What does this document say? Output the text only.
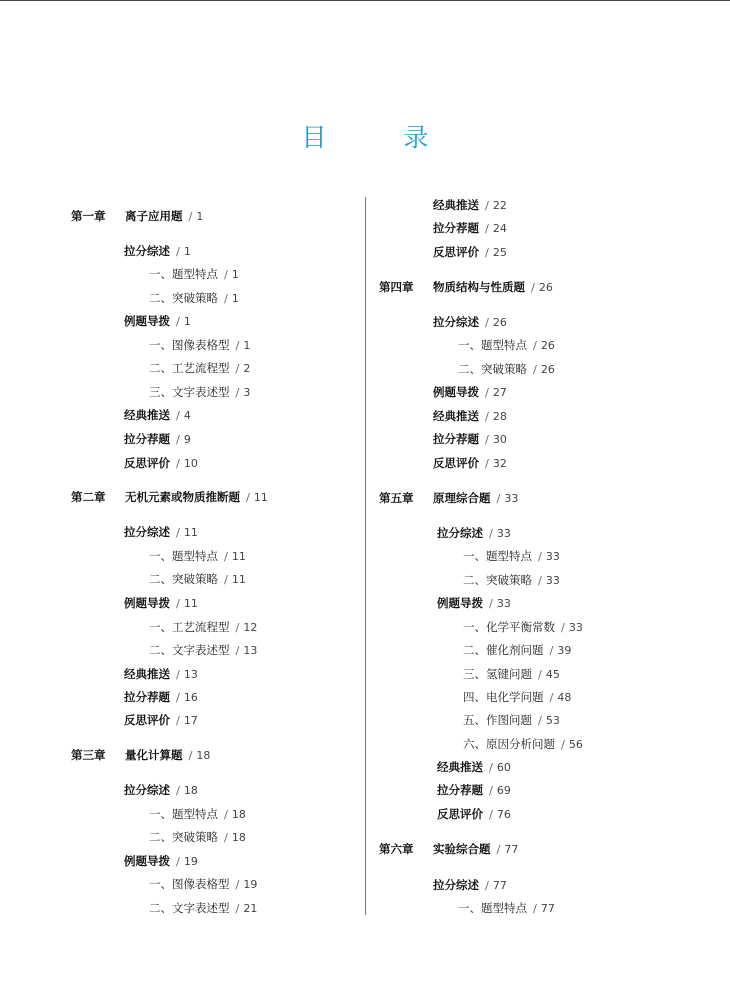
目　录
第一章 离子应用题 / 1
拉分综述 / 1
一、题型特点 / 1
二、突破策略 / 1
例题导拨 / 1
一、图像表格型 / 1
二、工艺流程型 / 2
三、文字表述型 / 3
经典推送 / 4
拉分荐题 / 9
反思评价 / 10
第二章 无机元素或物质推断题 / 11
拉分综述 / 11
一、题型特点 / 11
二、突破策略 / 11
例题导拨 / 11
一、工艺流程型 / 12
二、文字表述型 / 13
经典推送 / 13
拉分荐题 / 16
反思评价 / 17
第三章 量化计算题 / 18
拉分综述 / 18
一、题型特点 / 18
二、突破策略 / 18
例题导拨 / 19
一、图像表格型 / 19
二、文字表述型 / 21
经典推送 / 22
拉分荐题 / 24
反思评价 / 25
第四章 物质结构与性质题 / 26
拉分综述 / 26
一、题型特点 / 26
二、突破策略 / 26
例题导拨 / 27
经典推送 / 28
拉分荐题 / 30
反思评价 / 32
第五章 原理综合题 / 33
拉分综述 / 33
一、题型特点 / 33
二、突破策略 / 33
例题导拨 / 33
一、化学平衡常数 / 33
二、催化剂问题 / 39
三、氢键问题 / 45
四、电化学问题 / 48
五、作图问题 / 53
六、原因分析问题 / 56
经典推送 / 60
拉分荐题 / 69
反思评价 / 76
第六章 实验综合题 / 77
拉分综述 / 77
一、题型特点 / 77
